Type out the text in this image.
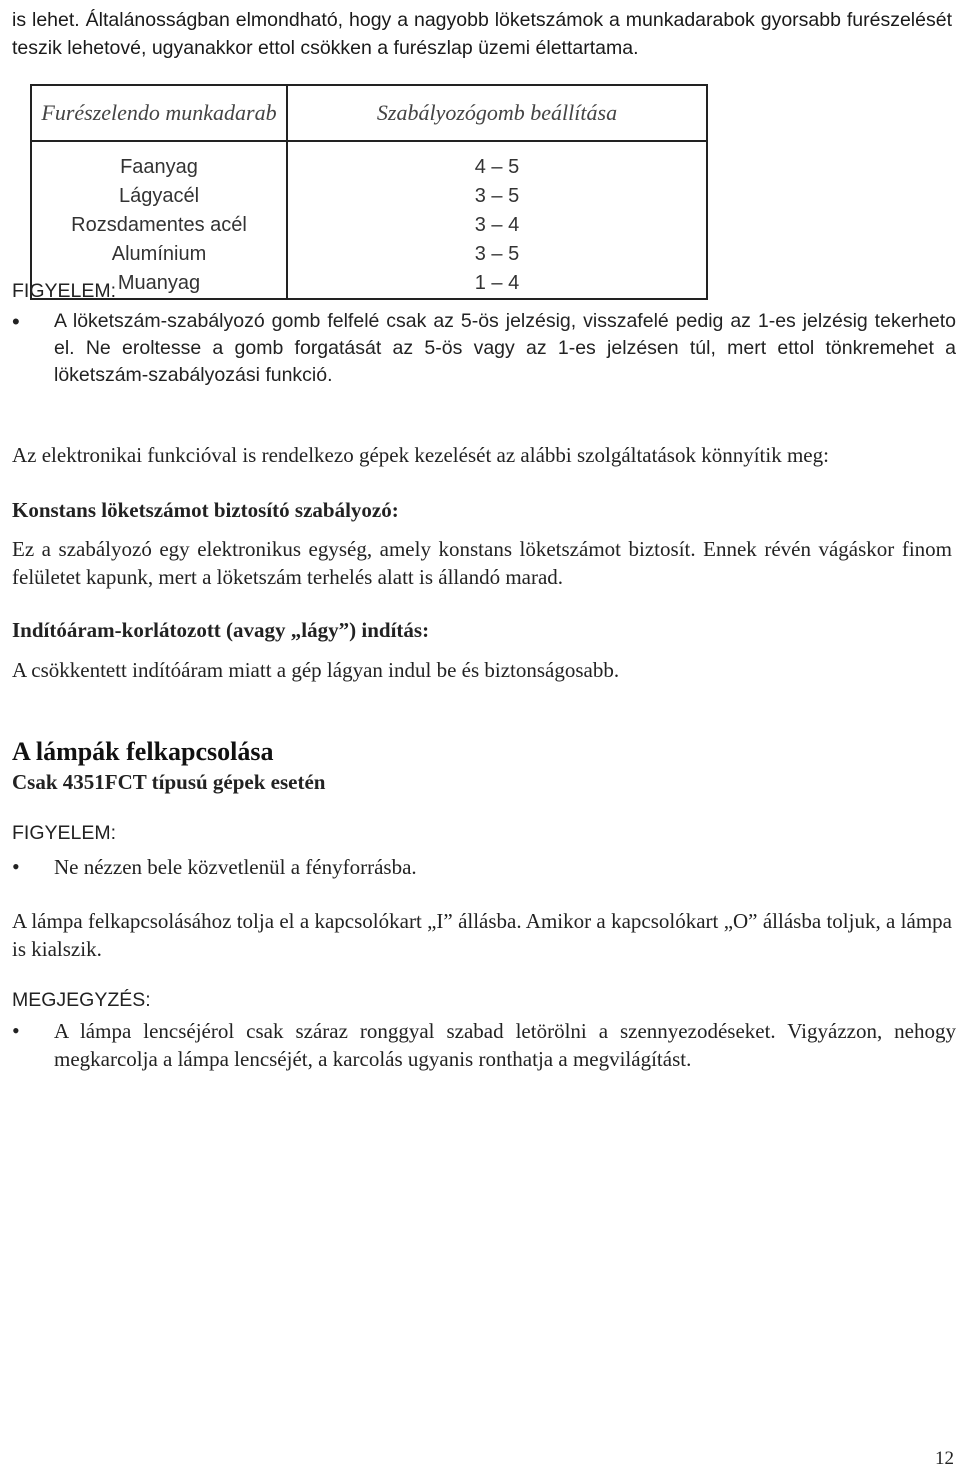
is lehet. Általánosságban elmondható, hogy a nagyobb löketszámok a munkadarabok gyorsabb furészelését teszik lehetové, ugyanakkor ettol csökken a furészlap üzemi élettartama.
Furészelendo munkadarab	Szabályozógomb beállítása
Faanyag	4 – 5
Lágyacél	3 – 5
Rozsdamentes acél	3 – 4
Alumínium	3 – 5
Muanyag	1 – 4
FIGYELEM:
•	A löketszám-szabályozó gomb felfelé csak az 5-ös jelzésig, visszafelé pedig az 1-es jelzésig tekerheto el. Ne eroltesse a gomb forgatását az 5-ös vagy az 1-es jelzésen túl, mert ettol tönkremehet a löketszám-szabályozási funkció.
Az elektronikai funkcióval is rendelkezo gépek kezelését az alábbi szolgáltatások könnyítik meg:
Konstans löketszámot biztosító szabályozó:
Ez a szabályozó egy elektronikus egység, amely konstans löketszámot biztosít. Ennek révén vágáskor finom felületet kapunk, mert a löketszám terhelés alatt is állandó marad.
Indítóáram-korlátozott (avagy „lágy”) indítás:
A csökkentett indítóáram miatt a gép lágyan indul be és biztonságosabb.
A lámpák felkapcsolása
Csak 4351FCT típusú gépek esetén
FIGYELEM:
•	Ne nézzen bele közvetlenül a fényforrásba.
A lámpa felkapcsolásához tolja el a kapcsolókart „I” állásba. Amikor a kapcsolókart „O” állásba toljuk, a lámpa is kialszik.
MEGJEGYZÉS:
•	A lámpa lencséjérol csak száraz ronggyal szabad letörölni a szennyezodéseket. Vigyázzon, nehogy megkarcolja a lámpa lencséjét, a karcolás ugyanis ronthatja a megvilágítást.
12
